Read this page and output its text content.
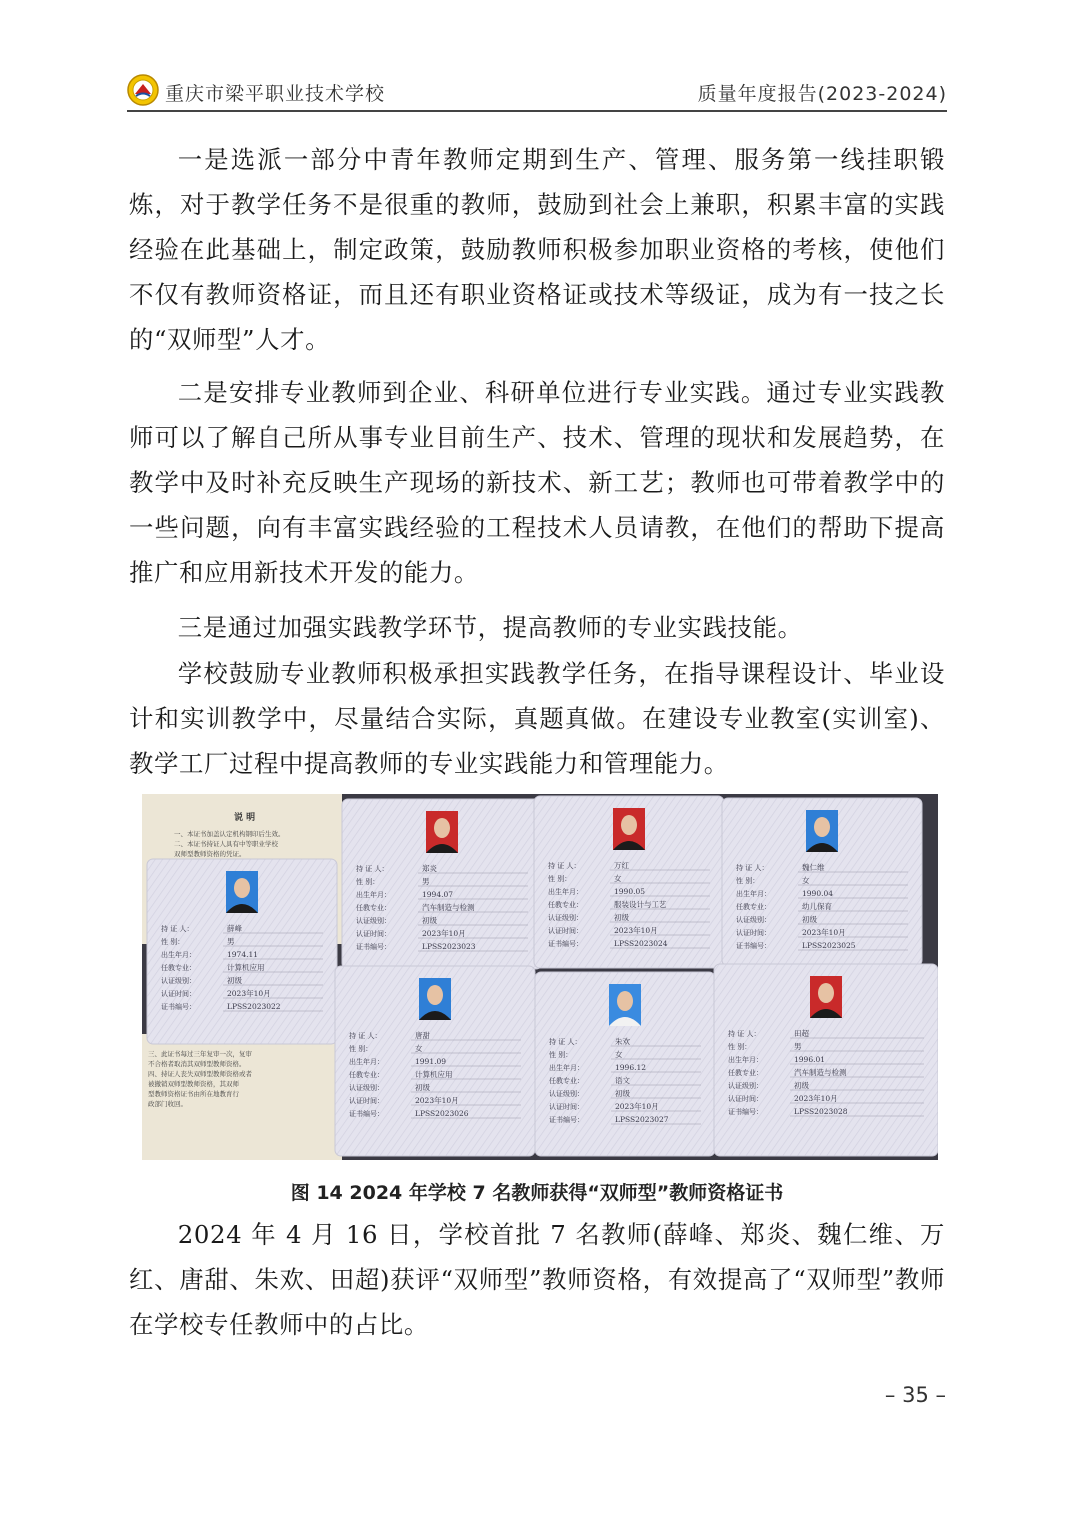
重庆市梁平职业技术学校	质量年度报告(2023-2024)

一是选派一部分中青年教师定期到生产、管理、服务第一线挂职锻炼，对于教学任务不是很重的教师，鼓励到社会上兼职，积累丰富的实践经验在此基础上，制定政策，鼓励教师积极参加职业资格的考核，使他们不仅有教师资格证，而且还有职业资格证或技术等级证，成为有一技之长的“双师型”人才。

二是安排专业教师到企业、科研单位进行专业实践。通过专业实践教师可以了解自己所从事专业目前生产、技术、管理的现状和发展趋势，在教学中及时补充反映生产现场的新技术、新工艺；教师也可带着教学中的一些问题，向有丰富实践经验的工程技术人员请教，在他们的帮助下提高推广和应用新技术开发的能力。

三是通过加强实践教学环节，提高教师的专业实践技能。

学校鼓励专业教师积极承担实践教学任务，在指导课程设计、毕业设计和实训教学中，尽量结合实际，真题真做。在建设专业教室(实训室)、教学工厂过程中提高教师的专业实践能力和管理能力。

说 明
一、本证书加盖认定机构钢印后生效。
二、本证书持证人具有中等职业学校
双师型教师资格的凭证。
三、此证书每过三年复审一次，复审
不合格者取消其双师型教师资格。
四、持证人丧失双师型教师资格或者
被撤销双师型教师资格，其双师
型教师资格证书由所在地教育行
政部门收回。
持 证 人：	郑炎
性 别：	男
出生年月：	1994.07
任教专业：	汽车制造与检测
认证级别：	初级
认证时间：	2023年10月
证书编号：	LPSS2023023
持 证 人：	万红
性 别：	女
出生年月：	1990.05
任教专业：	服装设计与工艺
认证级别：	初级
认证时间：	2023年10月
证书编号：	LPSS2023024
持 证 人：	魏仁维
性 别：	女
出生年月：	1990.04
任教专业：	幼儿保育
认证级别：	初级
认证时间：	2023年10月
证书编号：	LPSS2023025
持 证 人：	薛峰
性 别：	男
出生年月：	1974.11
任教专业：	计算机应用
认证级别：	初级
认证时间：	2023年10月
证书编号：	LPSS2023022
持 证 人：	唐甜
性 别：	女
出生年月：	1991.09
任教专业：	计算机应用
认证级别：	初级
认证时间：	2023年10月
证书编号：	LPSS2023026
持 证 人：	朱欢
性 别：	女
出生年月：	1996.12
任教专业：	语文
认证级别：	初级
认证时间：	2023年10月
证书编号：	LPSS2023027
持 证 人：	田超
性 别：	男
出生年月：	1996.01
任教专业：	汽车制造与检测
认证级别：	初级
认证时间：	2023年10月
证书编号：	LPSS2023028
图 14 2024 年学校 7 名教师获得“双师型”教师资格证书

2024 年 4 月 16 日，学校首批 7 名教师(薛峰、郑炎、魏仁维、万红、唐甜、朱欢、田超)获评“双师型”教师资格，有效提高了“双师型”教师在学校专任教师中的占比。

– 35 –
